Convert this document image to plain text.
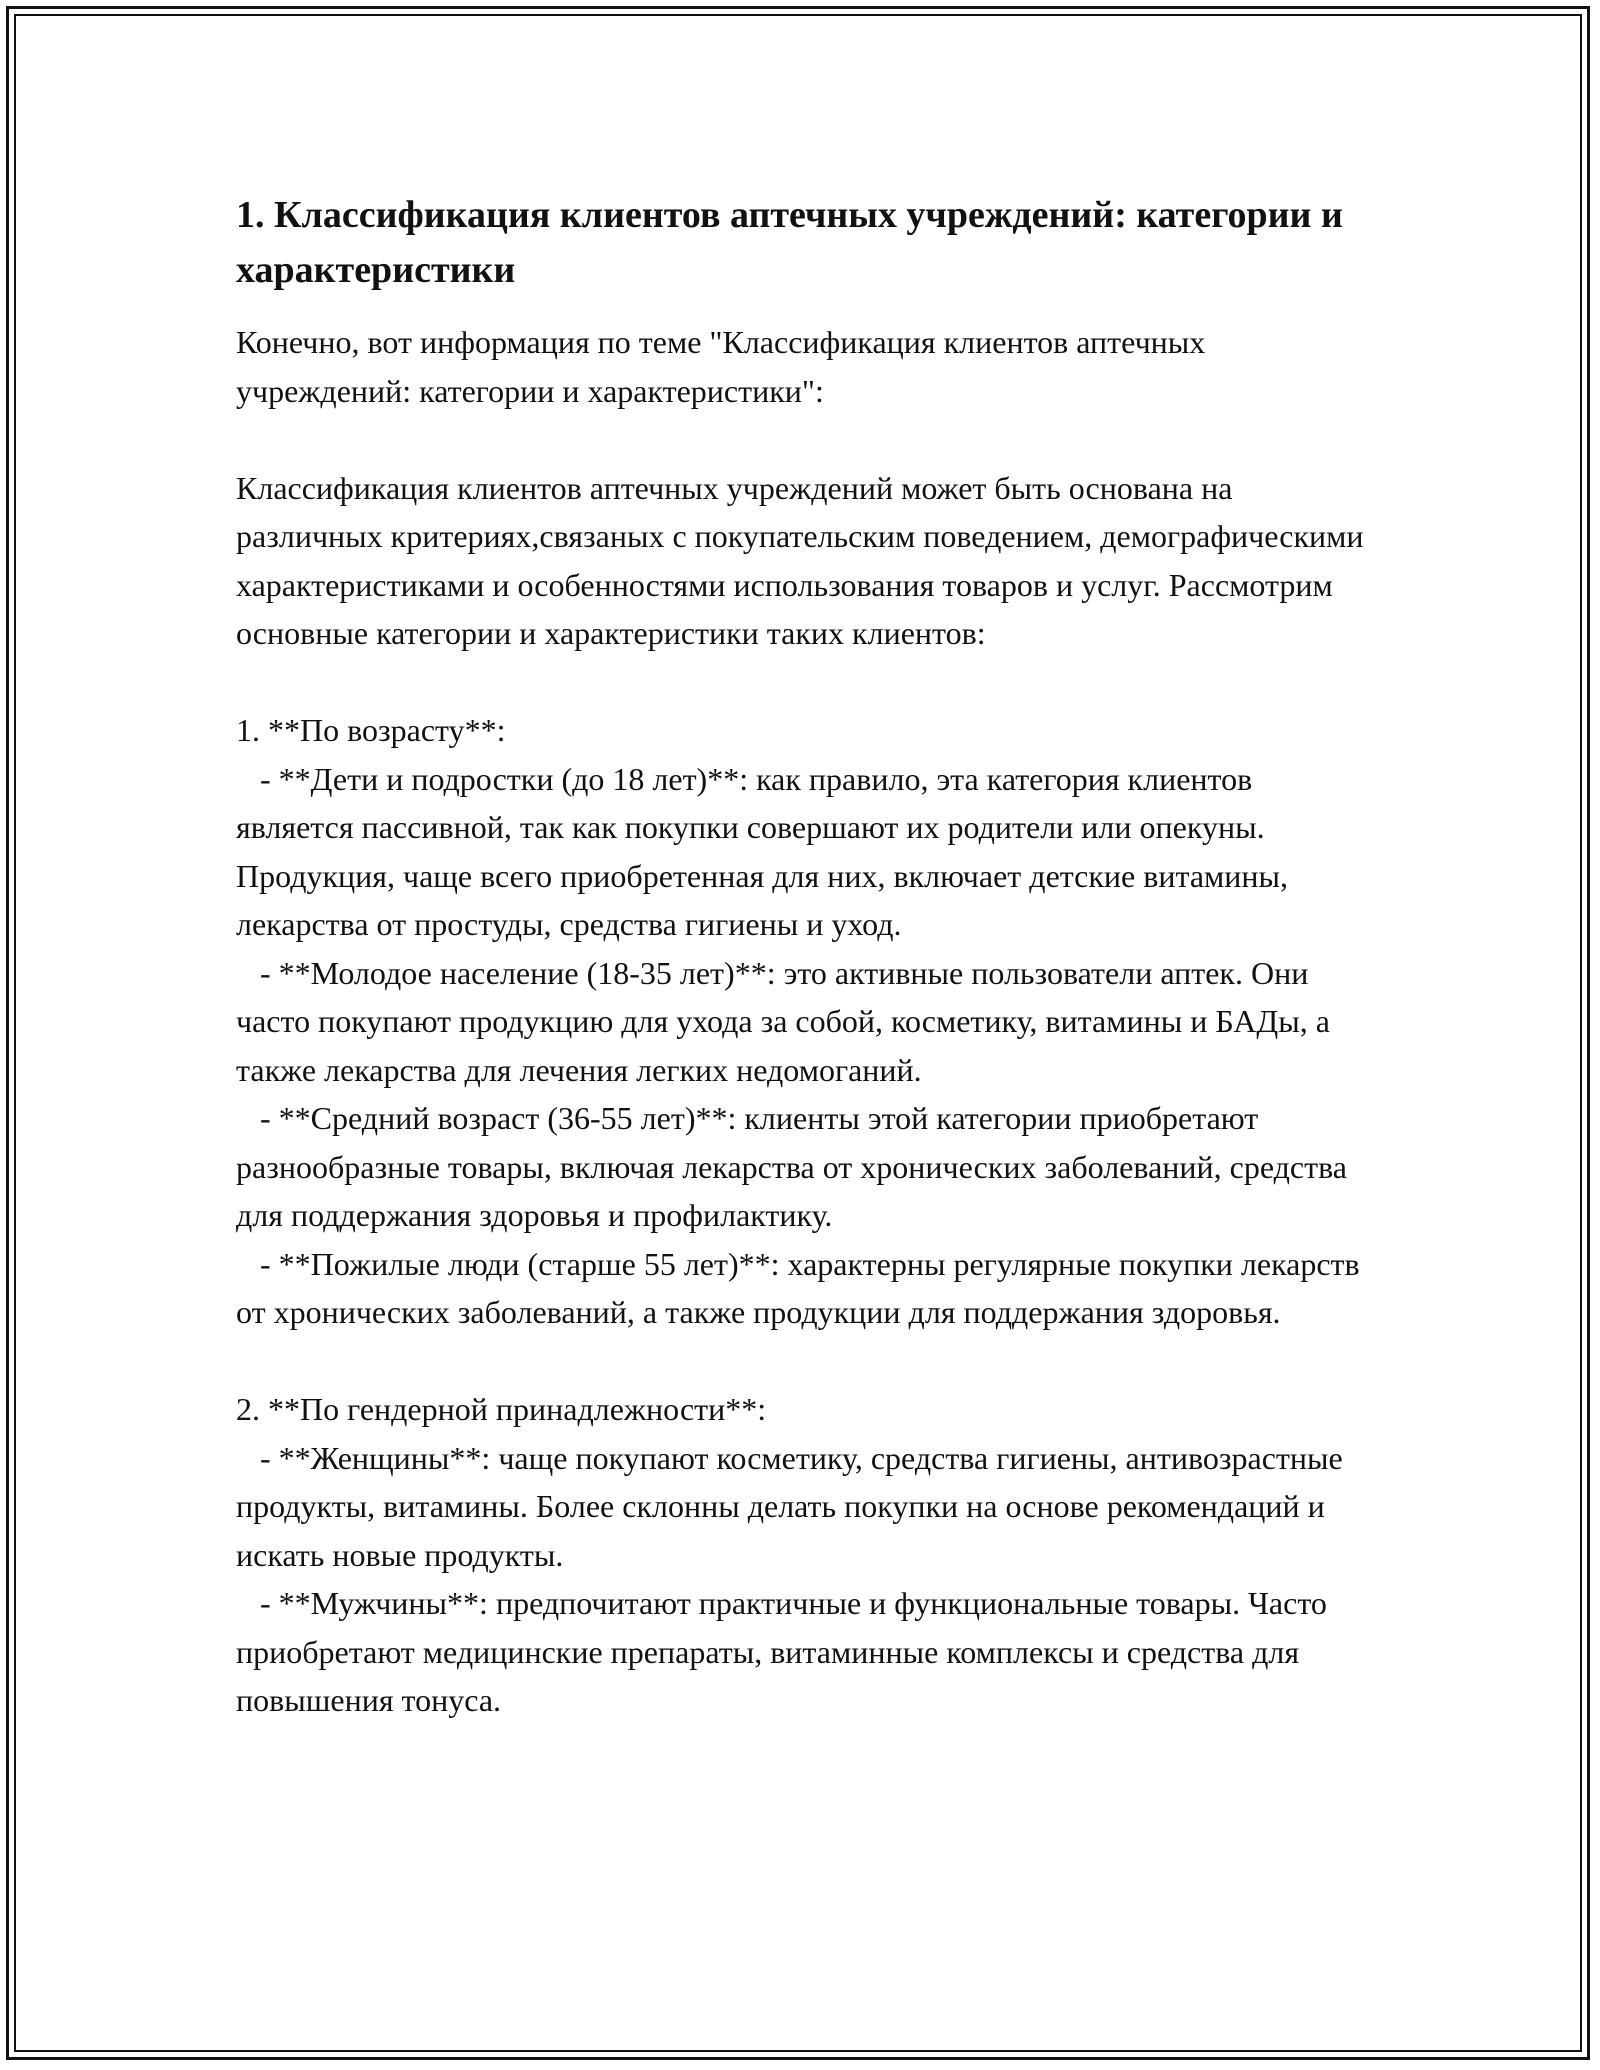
1. Классификация клиентов аптечных учреждений: категории и характеристики

Конечно, вот информация по теме "Классификация клиентов аптечных учреждений: категории и характеристики":

Классификация клиентов аптечных учреждений может быть основана на различных критериях,связаных с покупательским поведением, демографическими характеристиками и особенностями использования товаров и услуг. Рассмотрим основные категории и характеристики таких клиентов:

1. **По возрасту**:

- **Дети и подростки (до 18 лет)**: как правило, эта категория клиентов является пассивной, так как покупки совершают их родители или опекуны. Продукция, чаще всего приобретенная для них, включает детские витамины, лекарства от простуды, средства гигиены и уход.

- **Молодое население (18-35 лет)**: это активные пользователи аптек. Они часто покупают продукцию для ухода за собой, косметику, витамины и БАДы, а также лекарства для лечения легких недомоганий.

- **Средний возраст (36-55 лет)**: клиенты этой категории приобретают разнообразные товары, включая лекарства от хронических заболеваний, средства для поддержания здоровья и профилактику.

- **Пожилые люди (старше 55 лет)**: характерны регулярные покупки лекарств от хронических заболеваний, а также продукции для поддержания здоровья.

2. **По гендерной принадлежности**:

- **Женщины**: чаще покупают косметику, средства гигиены, антивозрастные продукты, витамины. Более склонны делать покупки на основе рекомендаций и искать новые продукты.

- **Мужчины**: предпочитают практичные и функциональные товары. Часто приобретают медицинские препараты, витаминные комплексы и средства для повышения тонуса.
